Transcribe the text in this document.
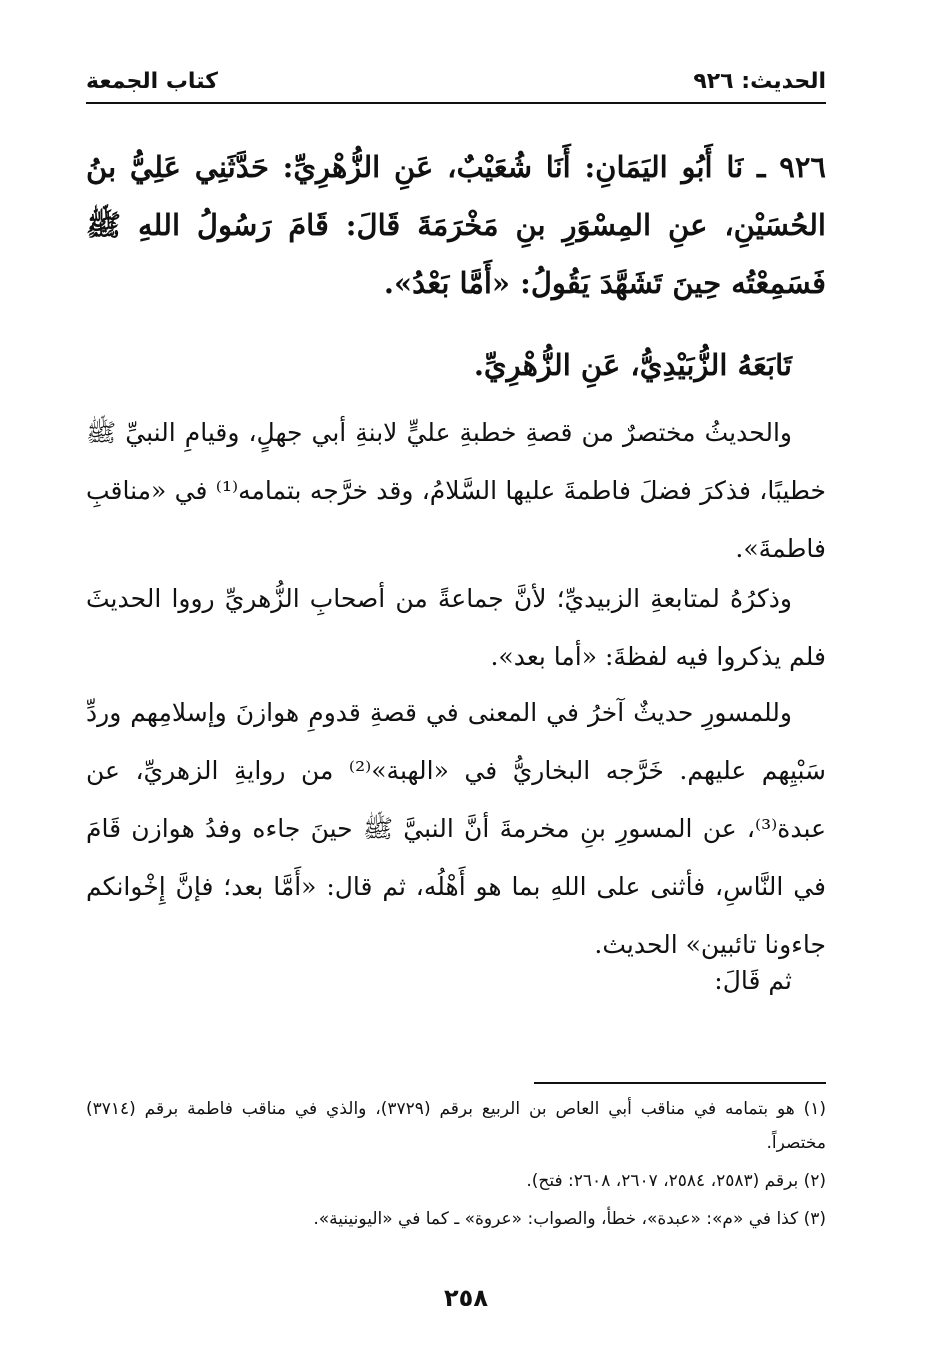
الحديث: ٩٢٦
كتاب الجمعة
٩٢٦ ـ نَا أَبُو اليَمَانِ: أَنَا شُعَيْبٌ، عَنِ الزُّهْرِيِّ: حَدَّثَنِي عَلِيُّ بنُ الحُسَيْنِ، عنِ المِسْوَرِ بنِ مَخْرَمَةَ قَالَ: قَامَ رَسُولُ اللهِ ﷺ فَسَمِعْتُه حِينَ تَشَهَّدَ يَقُولُ: «أَمَّا بَعْدُ».
تَابَعَهُ الزُّبَيْدِيُّ، عَنِ الزُّهْرِيِّ.
والحديثُ مختصرٌ من قصةِ خطبةِ عليٍّ لابنةِ أبي جهلٍ، وقيامِ النبيِّ ﷺ خطيبًا، فذكرَ فضلَ فاطمةَ عليها السَّلامُ، وقد خرَّجه بتمامه⁽¹⁾ في «مناقبِ فاطمةَ».
وذكرُهُ لمتابعةِ الزبيديِّ؛ لأنَّ جماعةً من أصحابِ الزُّهريِّ رووا الحديثَ فلم يذكروا فيه لفظةَ: «أما بعد».
وللمسورِ حديثٌ آخرُ في المعنى في قصةِ قدومِ هوازنَ وإسلامِهم وردِّ سَبْيِهم عليهم. خَرَّجه البخاريُّ في «الهبة»⁽²⁾ من روايةِ الزهريِّ، عن عبدة⁽³⁾، عن المسورِ بنِ مخرمةَ أنَّ النبيَّ ﷺ حينَ جاءه وفدُ هوازن قَامَ في النَّاسِ، فأثنى على اللهِ بما هو أَهْلُه، ثم قال: «أَمَّا بعد؛ فإنَّ إِخْوانكم جاءونا تائبين» الحديث.
ثم قَالَ:

(١) هو بتمامه في مناقب أبي العاص بن الربيع برقم (٣٧٢٩)، والذي في مناقب فاطمة برقم (٣٧١٤) مختصراً.

(٢) برقم (٢٥٨٣، ٢٥٨٤، ٢٦٠٧، ٢٦٠٨: فتح).

(٣) كذا في «م»: «عبدة»، خطأ، والصواب: «عروة» ـ كما في «اليونينية».

٢٥٨
